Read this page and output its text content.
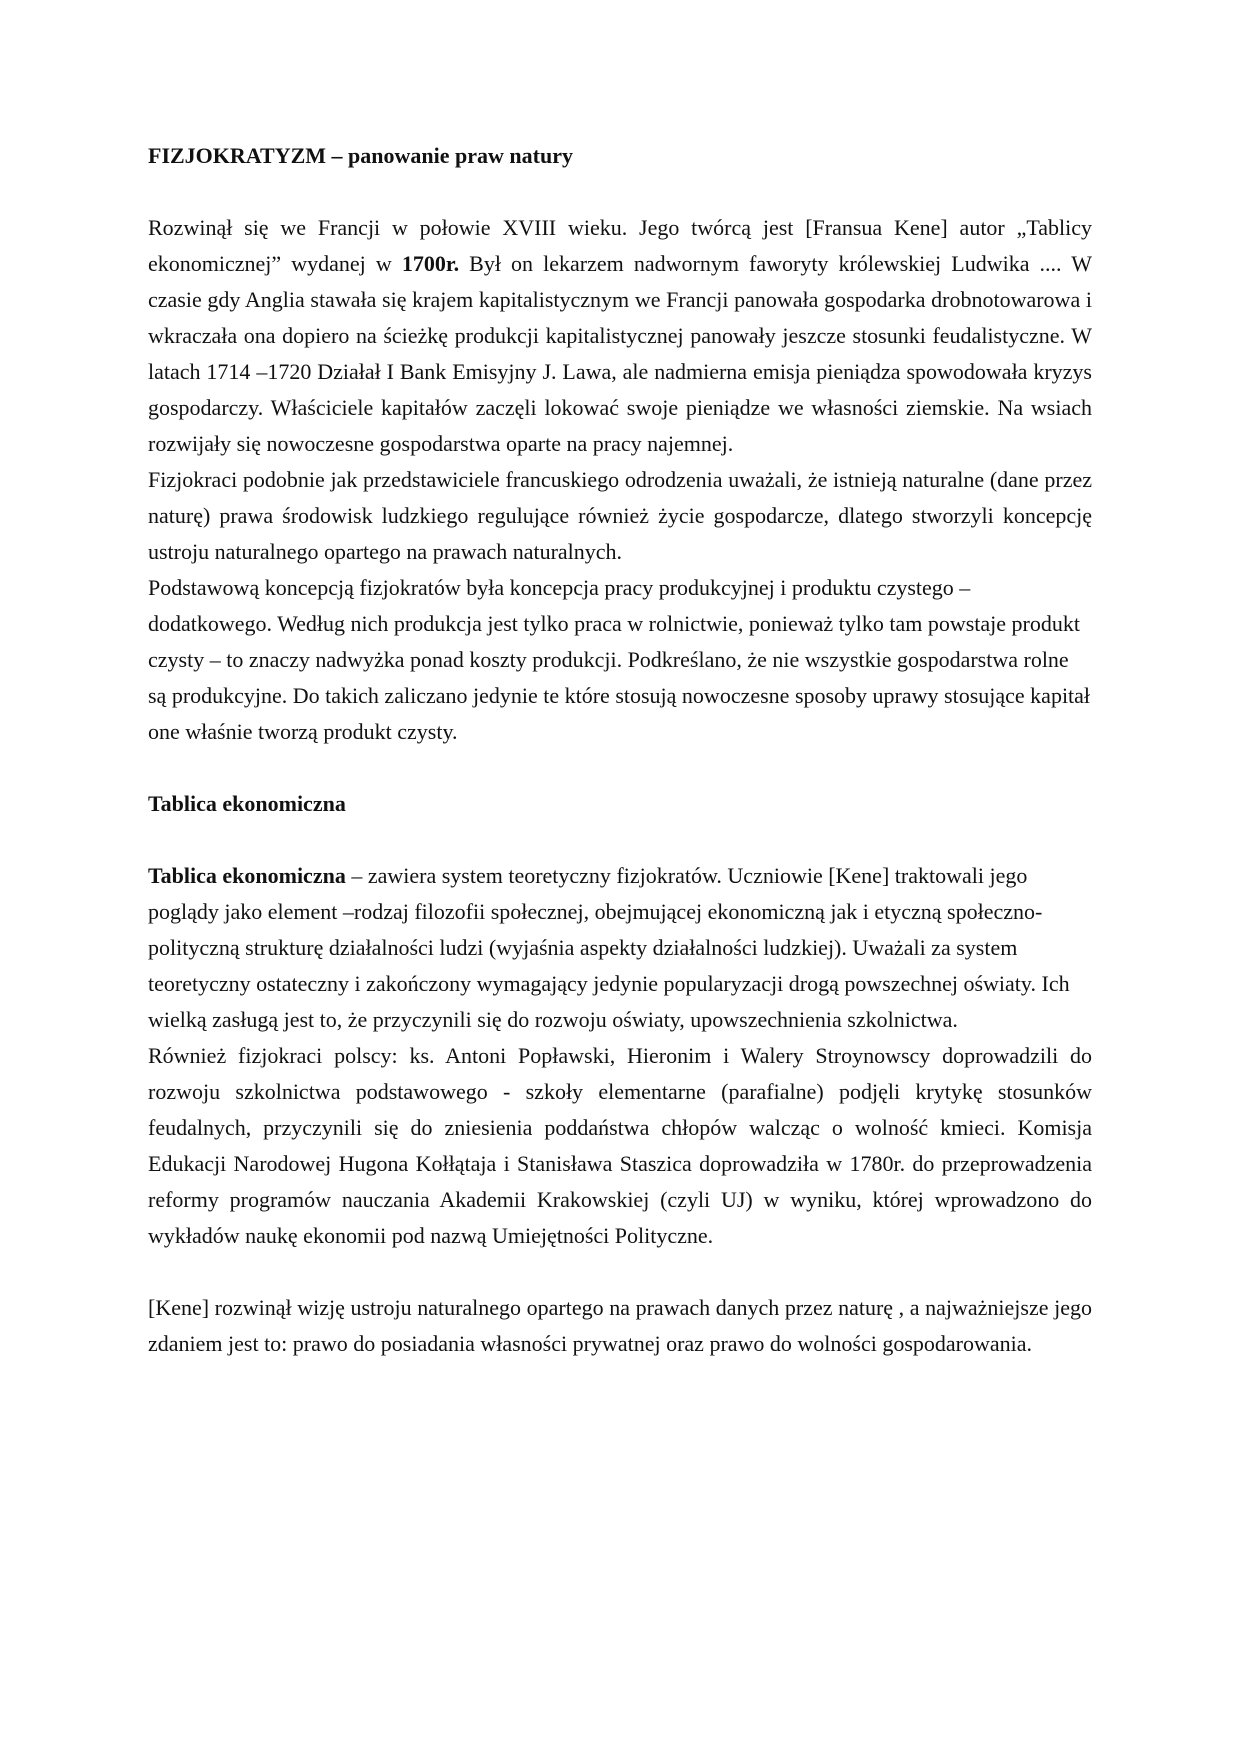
FIZJOKRATYZM – panowanie praw natury

Rozwinął się we Francji w połowie XVIII wieku. Jego twórcą jest [Fransua Kene] autor „Tablicy ekonomicznej” wydanej w 1700r. Był on lekarzem nadwornym faworyty królewskiej Ludwika .... W czasie gdy Anglia stawała się krajem kapitalistycznym we Francji panowała gospodarka drobnotowarowa i wkraczała ona dopiero na ścieżkę produkcji kapitalistycznej panowały jeszcze stosunki feudalistyczne. W latach 1714 –1720 Działał I Bank Emisyjny J. Lawa, ale nadmierna emisja pieniądza spowodowała kryzys gospodarczy. Właściciele kapitałów zaczęli lokować swoje pieniądze we własności ziemskie. Na wsiach rozwijały się nowoczesne gospodarstwa oparte na pracy najemnej.

Fizjokraci podobnie jak przedstawiciele francuskiego odrodzenia uważali, że istnieją naturalne (dane przez naturę) prawa środowisk ludzkiego regulujące również życie gospodarcze, dlatego stworzyli koncepcję ustroju naturalnego opartego na prawach naturalnych.

Podstawową koncepcją fizjokratów była koncepcja pracy produkcyjnej i produktu czystego – dodatkowego. Według nich produkcja jest tylko praca w rolnictwie, ponieważ tylko tam powstaje produkt czysty – to znaczy nadwyżka ponad koszty produkcji. Podkreślano, że nie wszystkie gospodarstwa rolne są produkcyjne. Do takich zaliczano jedynie te które stosują nowoczesne sposoby uprawy stosujące kapitał one właśnie tworzą produkt czysty.

Tablica ekonomiczna

Tablica ekonomiczna – zawiera system teoretyczny fizjokratów. Uczniowie [Kene] traktowali jego poglądy jako element –rodzaj filozofii społecznej, obejmującej ekonomiczną jak i etyczną społeczno-polityczną strukturę działalności ludzi (wyjaśnia aspekty działalności ludzkiej). Uważali za system teoretyczny ostateczny i zakończony wymagający jedynie popularyzacji drogą powszechnej oświaty. Ich wielką zasługą jest to, że przyczynili się do rozwoju oświaty, upowszechnienia szkolnictwa.

Również fizjokraci polscy: ks. Antoni Popławski, Hieronim i Walery Stroynowscy doprowadzili do rozwoju szkolnictwa podstawowego - szkoły elementarne (parafialne) podjęli krytykę stosunków feudalnych, przyczynili się do zniesienia poddaństwa chłopów walcząc o wolność kmieci. Komisja Edukacji Narodowej Hugona Kołłątaja i Stanisława Staszica doprowadziła w 1780r. do przeprowadzenia reformy programów nauczania Akademii Krakowskiej (czyli UJ) w wyniku, której wprowadzono do wykładów naukę ekonomii pod nazwą Umiejętności Polityczne.

[Kene] rozwinął wizję ustroju naturalnego opartego na prawach danych przez naturę , a najważniejsze jego zdaniem jest to: prawo do posiadania własności prywatnej oraz prawo do wolności gospodarowania.
